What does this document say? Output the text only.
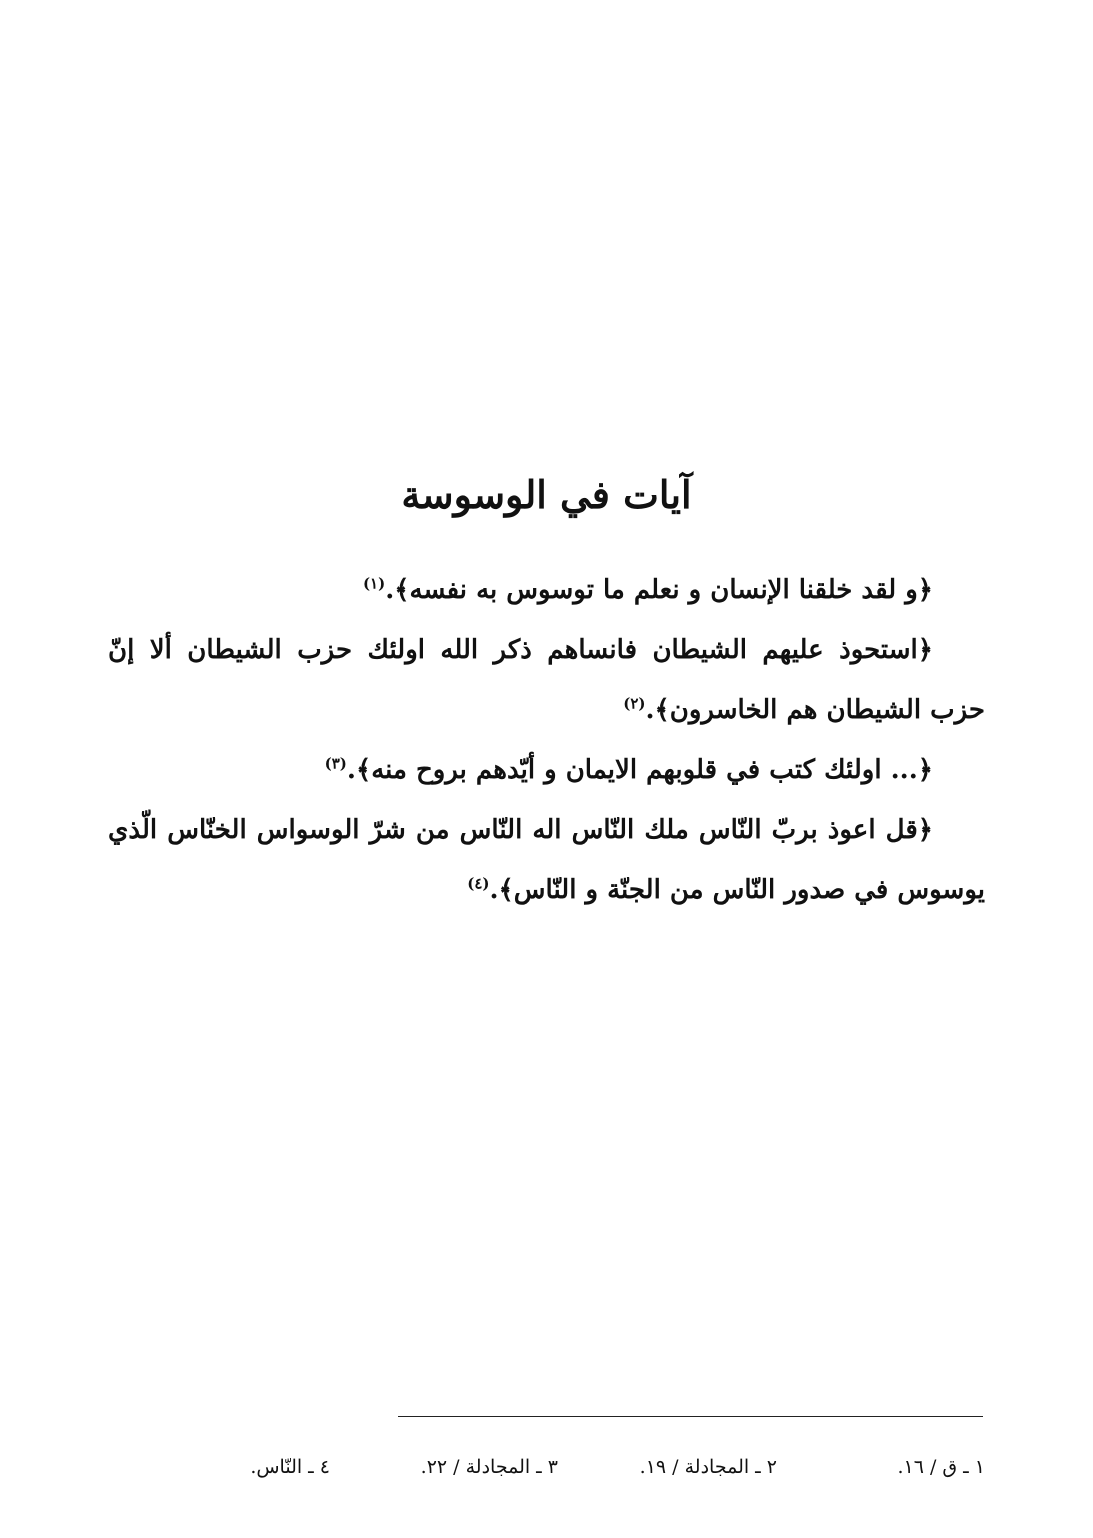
آيات في الوسوسة

﴿و لقد خلقنا الإنسان و نعلم ما توسوس به نفسه﴾.$^{(١)}$

﴿استحوذ عليهم الشيطان فانساهم ذكر الله اولئك حزب الشيطان ألا إنّ حزب الشيطان هم الخاسرون﴾.$^{(٢)}$

﴿... اولئك كتب في قلوبهم الايمان و أيّدهم بروح منه﴾.$^{(٣)}$

﴿قل اعوذ بربّ النّاس ملك النّاس اله النّاس من شرّ الوسواس الخنّاس الّذي يوسوس في صدور النّاس من الجنّة و النّاس﴾.$^{(٤)}$

١ ـ ق / ١٦.
٢ ـ المجادلة / ١٩.
٣ ـ المجادلة / ٢٢.
٤ ـ النّاس.
